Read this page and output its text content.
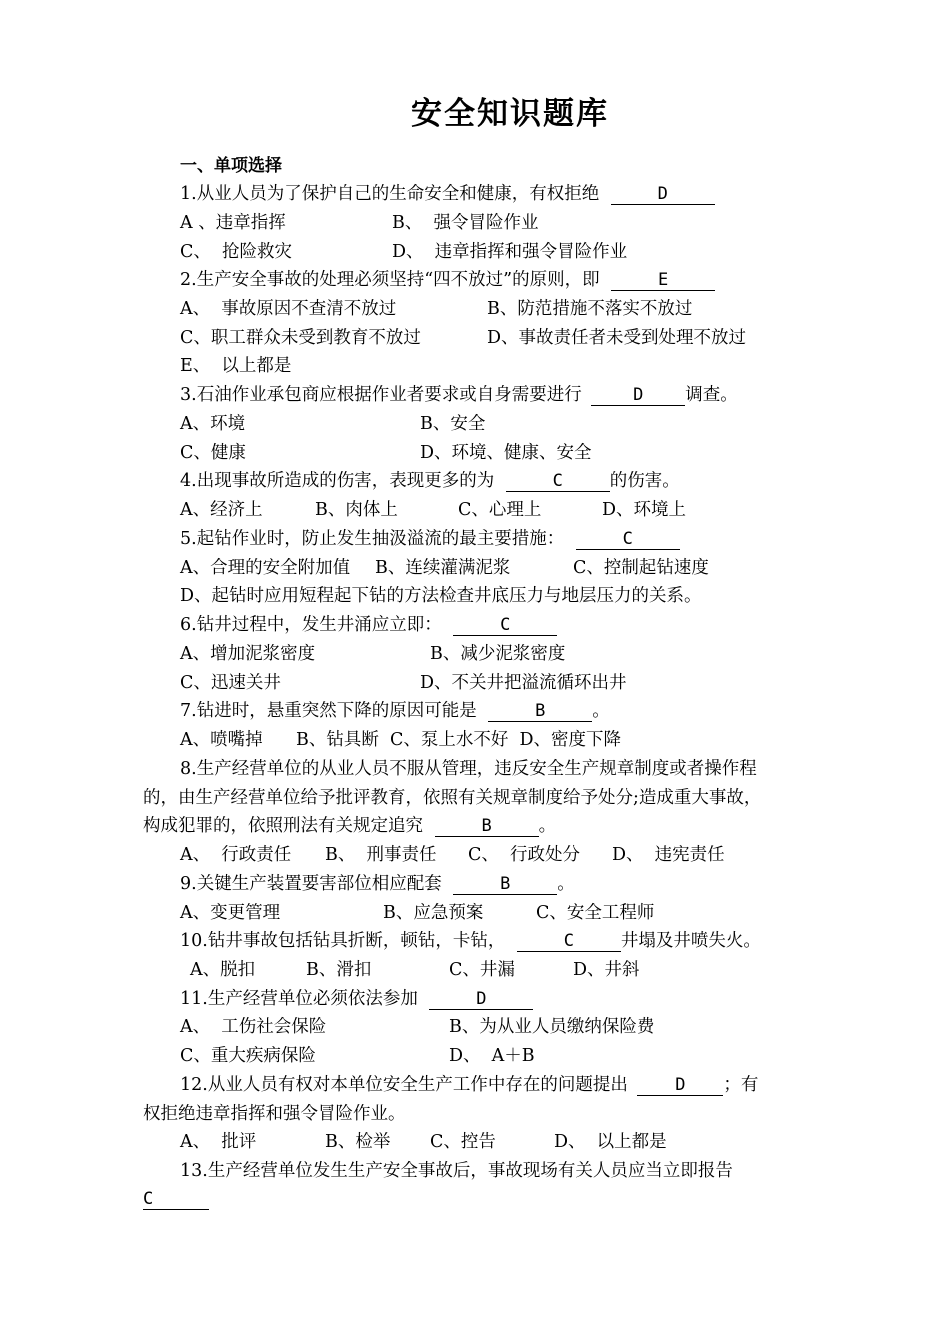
安全知识题库
一、单项选择
1.从业人员为了保护自己的生命安全和健康，有权拒绝	D
A 、违章指挥	B、  强令冒险作业
C、  抢险救灾	D、  违章指挥和强令冒险作业
2.生产安全事故的处理必须坚持“四不放过”的原则，即	E
A、  事故原因不查清不放过	B、防范措施不落实不放过
C、职工群众未受到教育不放过	D、事故责任者未受到处理不放过
E、  以上都是
3.石油作业承包商应根据作业者要求或自身需要进行	D 调查。
A、环境	B、安全
C、健康	D、环境、健康、安全
4.出现事故所造成的伤害，表现更多的为	C	的伤害。
A、经济上	B、肉体上	C、心理上	D、环境上
5.起钻作业时，防止发生抽汲溢流的最主要措施：	C
A、合理的安全附加值 B、连续灌满泥浆	C、控制起钻速度
D、起钻时应用短程起下钻的方法检查井底压力与地层压力的关系。
6.钻井过程中，发生井涌应立即：	C
A、增加泥浆密度	B、减少泥浆密度
C、迅速关井	D、不关井把溢流循环出井
7.钻进时，悬重突然下降的原因可能是	B	。
A、喷嘴掉      B、钻具断  C、泵上水不好  D、密度下降
8.生产经营单位的从业人员不服从管理，违反安全生产规章制度或者操作程
的，由生产经营单位给予批评教育，依照有关规章制度给予处分;造成重大事故，
构成犯罪的，依照刑法有关规定追究	B	。
A、  行政责任 B、  刑事责任 C、  行政处分 D、  违宪责任
9.关键生产装置要害部位相应配套	B	。
A、变更管理	B、应急预案	C、安全工程师
10.钻井事故包括钻具折断，顿钻，卡钻，	C	井塌及井喷失火。
A、脱扣	B、滑扣	C、井漏	D、井斜
11.生产经营单位必须依法参加	D
A、  工伤社会保险	B、为从业人员缴纳保险费
C、重大疾病保险	D、  A＋B
12.从业人员有权对本单位安全生产工作中存在的问题提出	D ；有
权拒绝违章指挥和强令冒险作业。
A、  批评	B、检举 C、控告	D、  以上都是
13.生产经营单位发生生产安全事故后，事故现场有关人员应当立即报告
C
